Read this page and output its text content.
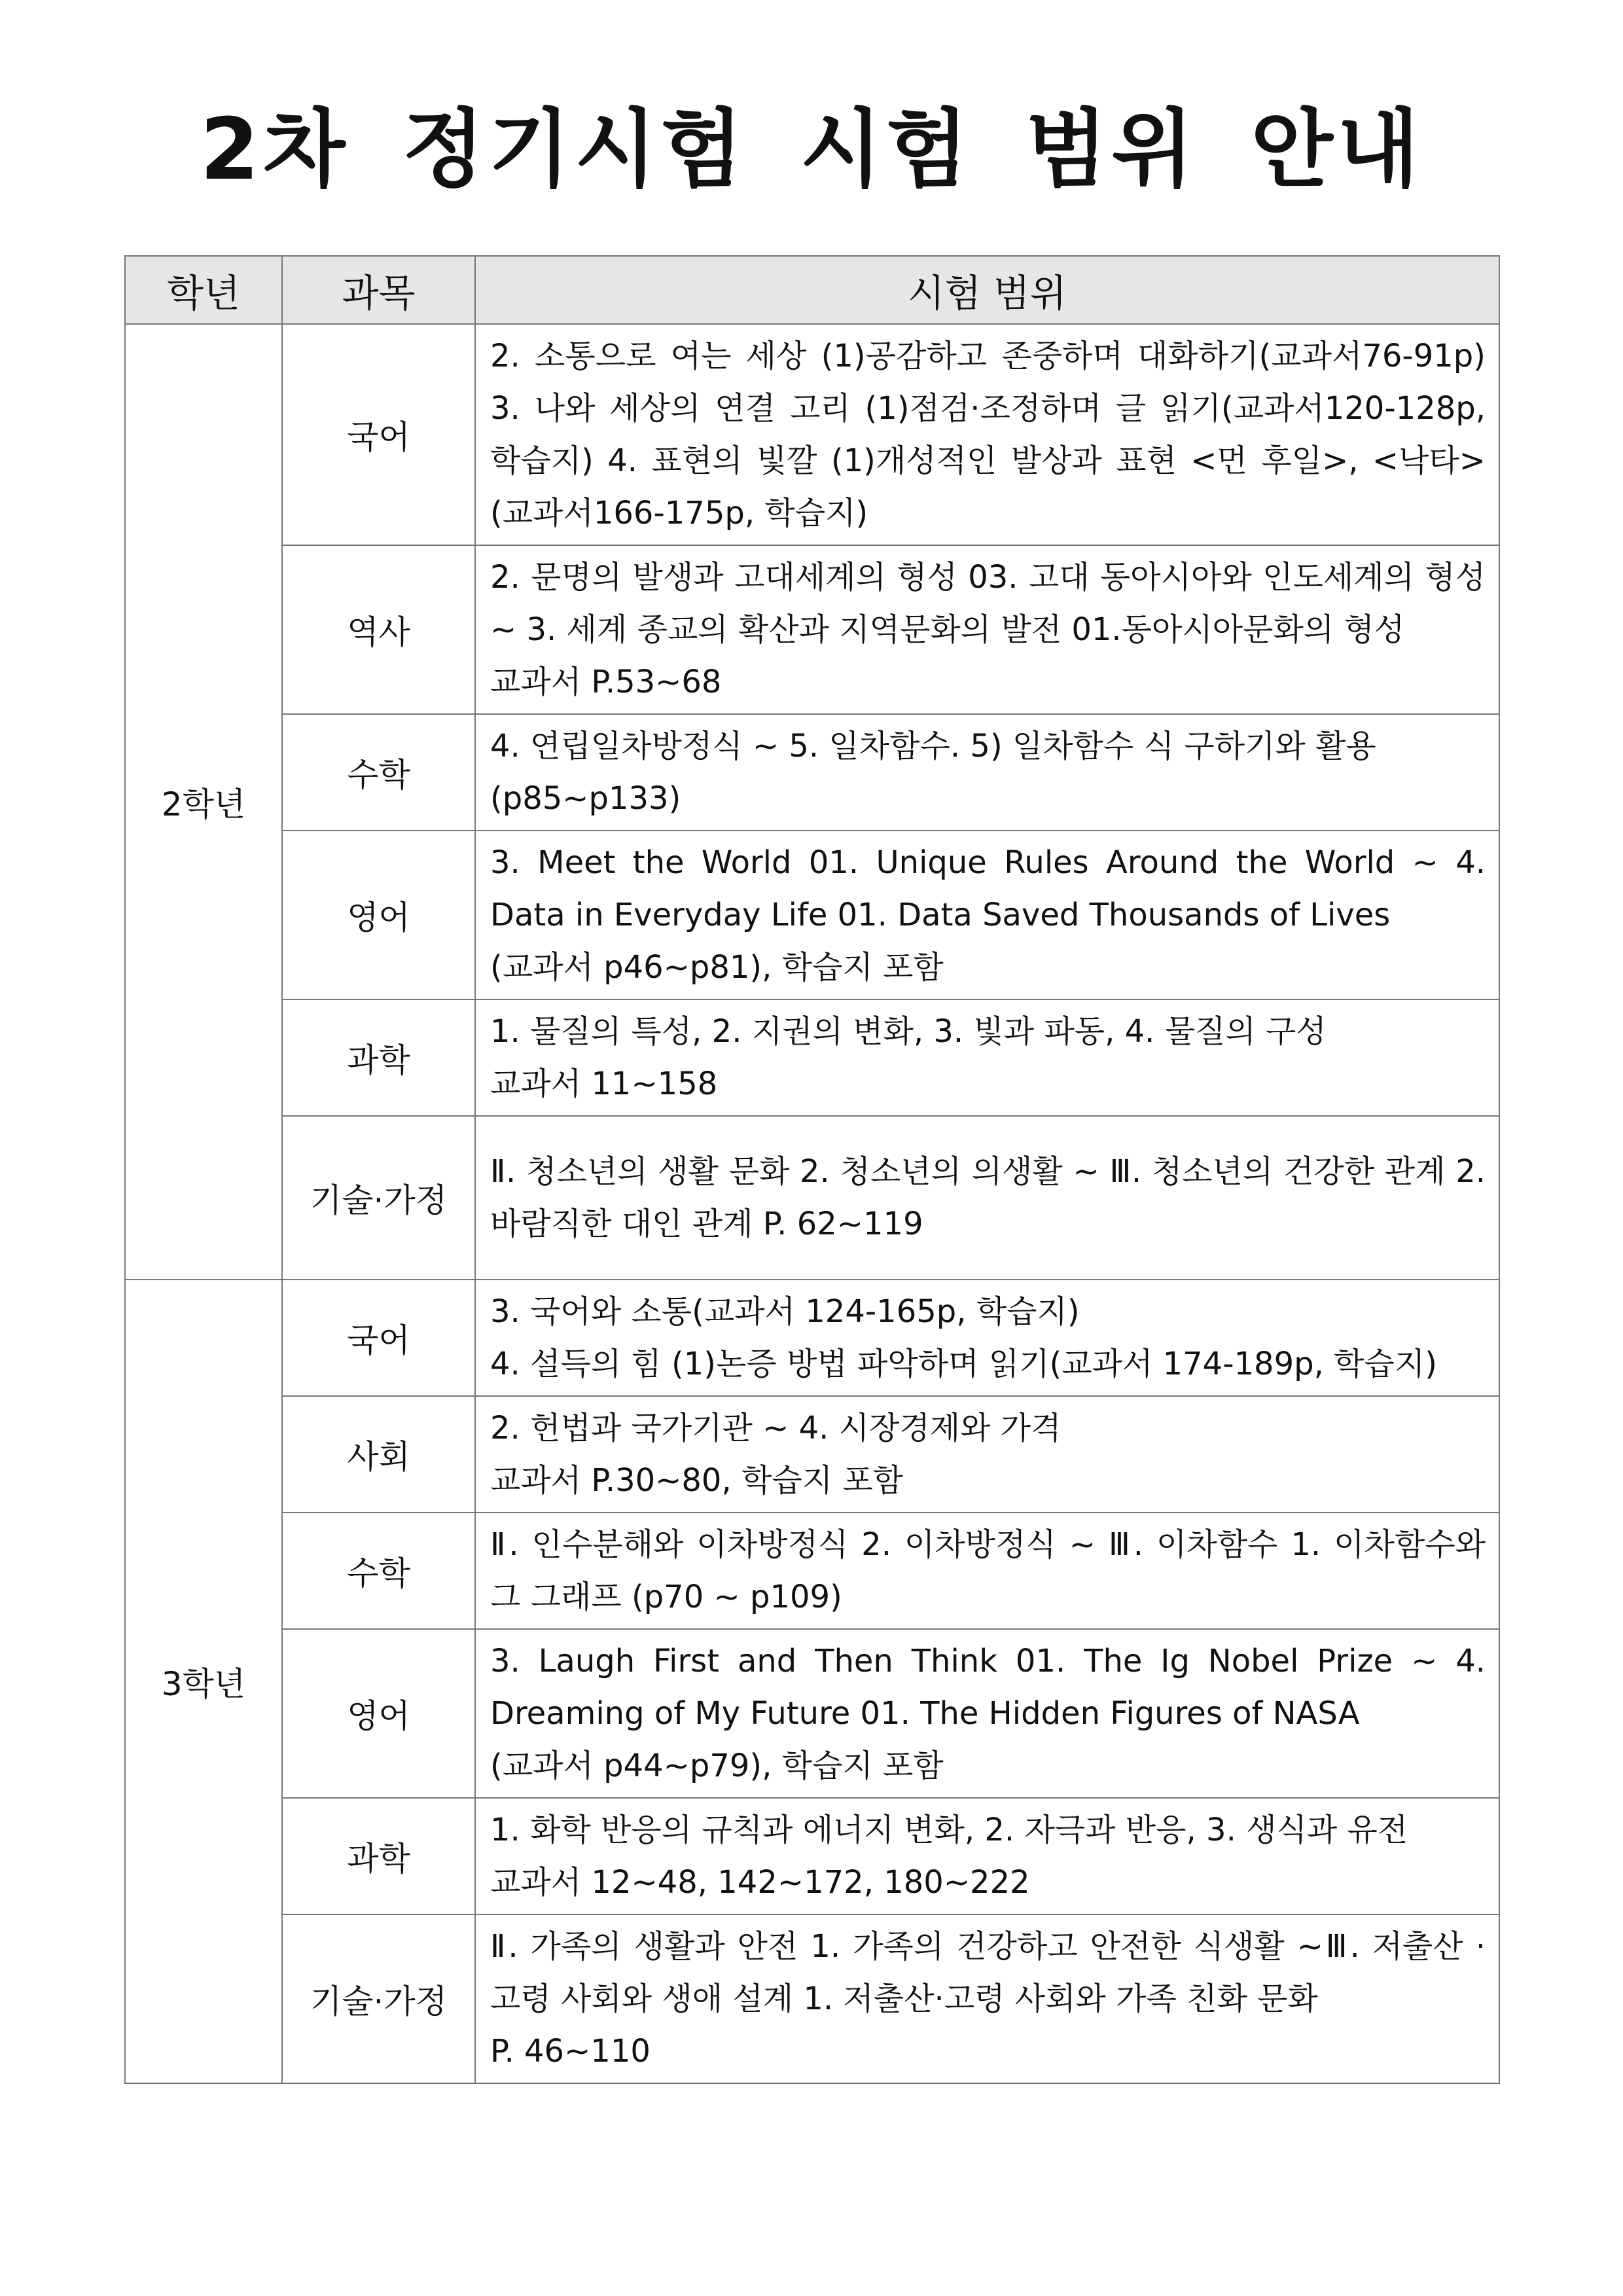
2차 정기시험 시험 범위 안내
학년	과목	시험 범위
2학년	국어	2. 소통으로 여는 세상 (1)공감하고 존중하며 대화하기(교과서76-91p) 3. 나와 세상의 연결 고리 (1)점검·조정하며 글 읽기(교과서120-128p, 학습지) 4. 표현의 빛깔 (1)개성적인 발상과 표현 <먼 후일>, <낙타>(교과서166-175p, 학습지)

	역사	2. 문명의 발생과 고대세계의 형성 03. 고대 동아시아와 인도세계의 형성 ~ 3. 세계 종교의 확산과 지역문화의 발전 01.동아시아문화의 형성
교과서 P.53~68

	수학	4. 연립일차방정식 ~ 5. 일차함수. 5) 일차함수 식 구하기와 활용
(p85~p133)

	영어	3. Meet the World 01. Unique Rules Around the World ~ 4. Data in Everyday Life 01. Data Saved Thousands of Lives
(교과서 p46~p81), 학습지 포함

	과학	1. 물질의 특성, 2. 지권의 변화, 3. 빛과 파동, 4. 물질의 구성
교과서 11~158

	기술·가정	Ⅱ. 청소년의 생활 문화 2. 청소년의 의생활 ~ Ⅲ. 청소년의 건강한 관계 2. 바람직한 대인 관계 P. 62~119

3학년	국어	3. 국어와 소통(교과서 124-165p, 학습지)
4. 설득의 힘 (1)논증 방법 파악하며 읽기(교과서 174-189p, 학습지)

	사회	2. 헌법과 국가기관 ~ 4. 시장경제와 가격
교과서 P.30~80, 학습지 포함

	수학	Ⅱ. 인수분해와 이차방정식 2. 이차방정식 ~ Ⅲ. 이차함수 1. 이차함수와 그 그래프 (p70 ~ p109)

	영어	3. Laugh First and Then Think 01. The Ig Nobel Prize ~ 4. Dreaming of My Future 01. The Hidden Figures of NASA
(교과서 p44~p79), 학습지 포함

	과학	1. 화학 반응의 규칙과 에너지 변화, 2. 자극과 반응, 3. 생식과 유전
교과서 12~48, 142~172, 180~222

	기술·가정	Ⅱ. 가족의 생활과 안전 1. 가족의 건강하고 안전한 식생활 ~Ⅲ. 저출산 · 고령 사회와 생애 설계 1. 저출산·고령 사회와 가족 친화 문화
P. 46~110
